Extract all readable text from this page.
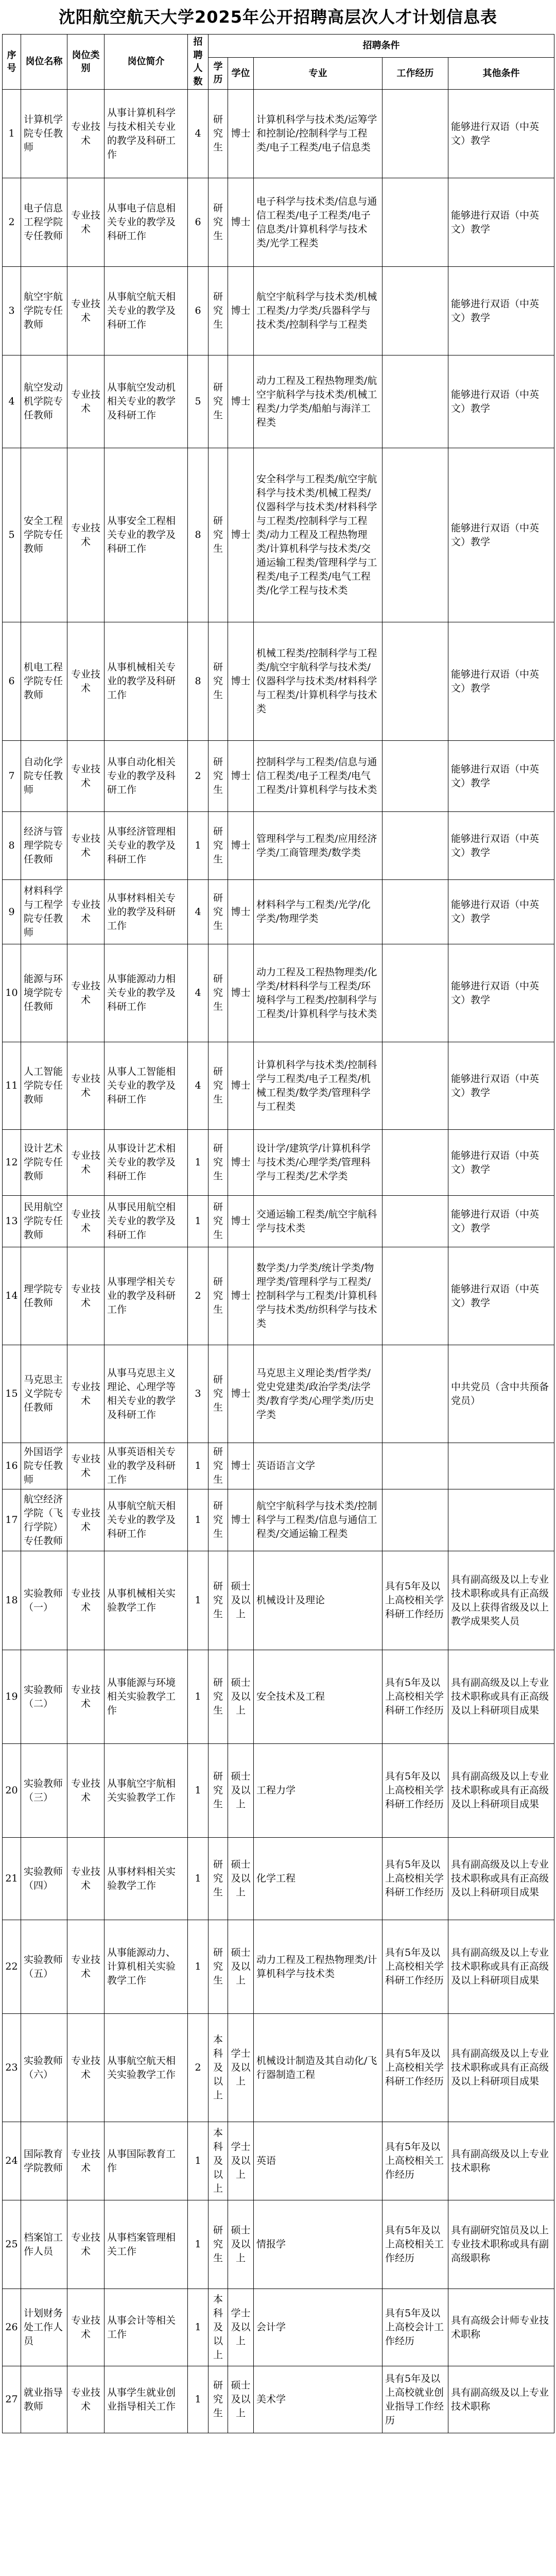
沈阳航空航天大学2025年公开招聘高层次人才计划信息表
序号	岗位名称	岗位类别	岗位简介	招聘人数	招聘条件				
					学历	学位	专业	工作经历	其他条件
1	计算机学院专任教师	专业技术	从事计算机科学与技术相关专业的教学及科研工作	4	研究生	博士	计算机科学与技术类/运筹学和控制论/控制科学与工程类/电子工程类/电子信息类		能够进行双语（中英文）教学
2	电子信息工程学院专任教师	专业技术	从事电子信息相关专业的教学及科研工作	6	研究生	博士	电子科学与技术类/信息与通信工程类/电子工程类/电子信息类/计算机科学与技术类/光学工程类		能够进行双语（中英文）教学
3	航空宇航学院专任教师	专业技术	从事航空航天相关专业的教学及科研工作	6	研究生	博士	航空宇航科学与技术类/机械工程类/力学类/兵器科学与技术类/控制科学与工程类		能够进行双语（中英文）教学
4	航空发动机学院专任教师	专业技术	从事航空发动机相关专业的教学及科研工作	5	研究生	博士	动力工程及工程热物理类/航空宇航科学与技术类/机械工程类/力学类/船舶与海洋工程类		能够进行双语（中英文）教学
5	安全工程学院专任教师	专业技术	从事安全工程相关专业的教学及科研工作	8	研究生	博士	安全科学与工程类/航空宇航科学与技术类/机械工程类/仪器科学与技术类/材料科学与工程类/控制科学与工程类/动力工程及工程热物理类/计算机科学与技术类/交通运输工程类/管理科学与工程类/电子工程类/电气工程类/化学工程与技术类		能够进行双语（中英文）教学
6	机电工程学院专任教师	专业技术	从事机械相关专业的教学及科研工作	8	研究生	博士	机械工程类/控制科学与工程类/航空宇航科学与技术类/仪器科学与技术类/材料科学与工程类/计算机科学与技术类		能够进行双语（中英文）教学
7	自动化学院专任教师	专业技术	从事自动化相关专业的教学及科研工作	2	研究生	博士	控制科学与工程类/信息与通信工程类/电子工程类/电气工程类/计算机科学与技术类		能够进行双语（中英文）教学
8	经济与管理学院专任教师	专业技术	从事经济管理相关专业的教学及科研工作	1	研究生	博士	管理科学与工程类/应用经济学类/工商管理类/数学类		能够进行双语（中英文）教学
9	材料科学与工程学院专任教师	专业技术	从事材料相关专业的教学及科研工作	4	研究生	博士	材料科学与工程类/光学/化学类/物理学类		能够进行双语（中英文）教学
10	能源与环境学院专任教师	专业技术	从事能源动力相关专业的教学及科研工作	4	研究生	博士	动力工程及工程热物理类/化学类/材料科学与工程类/环境科学与工程类/控制科学与工程类/计算机科学与技术类		能够进行双语（中英文）教学
11	人工智能学院专任教师	专业技术	从事人工智能相关专业的教学及科研工作	4	研究生	博士	计算机科学与技术类/控制科学与工程类/电子工程类/机械工程类/数学类/管理科学与工程类		能够进行双语（中英文）教学
12	设计艺术学院专任教师	专业技术	从事设计艺术相关专业的教学及科研工作	1	研究生	博士	设计学/建筑学/计算机科学与技术类/心理学类/管理科学与工程类/艺术学类		能够进行双语（中英文）教学
13	民用航空学院专任教师	专业技术	从事民用航空相关专业的教学及科研工作	1	研究生	博士	交通运输工程类/航空宇航科学与技术类		能够进行双语（中英文）教学
14	理学院专任教师	专业技术	从事理学相关专业的教学及科研工作	2	研究生	博士	数学类/力学类/统计学类/物理学类/管理科学与工程类/控制科学与工程类/计算机科学与技术类/纺织科学与技术类		能够进行双语（中英文）教学
15	马克思主义学院专任教师	专业技术	从事马克思主义理论、心理学等相关专业的教学及科研工作	3	研究生	博士	马克思主义理论类/哲学类/党史党建类/政治学类/法学类/教育学类/心理学类/历史学类		中共党员（含中共预备党员）
16	外国语学院专任教师	专业技术	从事英语相关专业的教学及科研工作	1	研究生	博士	英语语言文学		
17	航空经济学院（飞行学院）专任教师	专业技术	从事航空航天相关专业的教学及科研工作	1	研究生	博士	航空宇航科学与技术类/控制科学与工程类/信息与通信工程类/交通运输工程类		
18	实验教师（一）	专业技术	从事机械相关实验教学工作	1	研究生	硕士及以上	机械设计及理论	具有5年及以上高校相关学科研工作经历	具有副高级及以上专业技术职称或具有正高级及以上获得省级及以上教学成果奖人员
19	实验教师（二）	专业技术	从事能源与环境相关实验教学工作	1	研究生	硕士及以上	安全技术及工程	具有5年及以上高校相关学科研工作经历	具有副高级及以上专业技术职称或具有正高级及以上科研项目成果
20	实验教师（三）	专业技术	从事航空宇航相关实验教学工作	1	研究生	硕士及以上	工程力学	具有5年及以上高校相关学科研工作经历	具有副高级及以上专业技术职称或具有正高级及以上科研项目成果
21	实验教师（四）	专业技术	从事材料相关实验教学工作	1	研究生	硕士及以上	化学工程	具有5年及以上高校相关学科研工作经历	具有副高级及以上专业技术职称或具有正高级及以上科研项目成果
22	实验教师（五）	专业技术	从事能源动力、计算机相关实验教学工作	1	研究生	硕士及以上	动力工程及工程热物理类/计算机科学与技术类	具有5年及以上高校相关学科研工作经历	具有副高级及以上专业技术职称或具有正高级及以上科研项目成果
23	实验教师（六）	专业技术	从事航空航天相关实验教学工作	2	本科及以上	学士及以上	机械设计制造及其自动化/飞行器制造工程	具有5年及以上高校相关学科研工作经历	具有副高级及以上专业技术职称或具有正高级及以上科研项目成果
24	国际教育学院教师	专业技术	从事国际教育工作	1	本科及以上	学士及以上	英语	具有5年及以上高校相关工作经历	具有副高级及以上专业技术职称
25	档案馆工作人员	专业技术	从事档案管理相关工作	1	研究生	硕士及以上	情报学	具有5年及以上高校相关工作经历	具有副研究馆员及以上专业技术职称或具有副高级职称
26	计划财务处工作人员	专业技术	从事会计等相关工作	1	本科及以上	学士及以上	会计学	具有5年及以上高校会计工作经历	具有高级会计师专业技术职称
27	就业指导教师	专业技术	从事学生就业创业指导相关工作	1	研究生	硕士及以上	美术学	具有5年及以上高校就业创业指导工作经历	具有副高级及以上专业技术职称
